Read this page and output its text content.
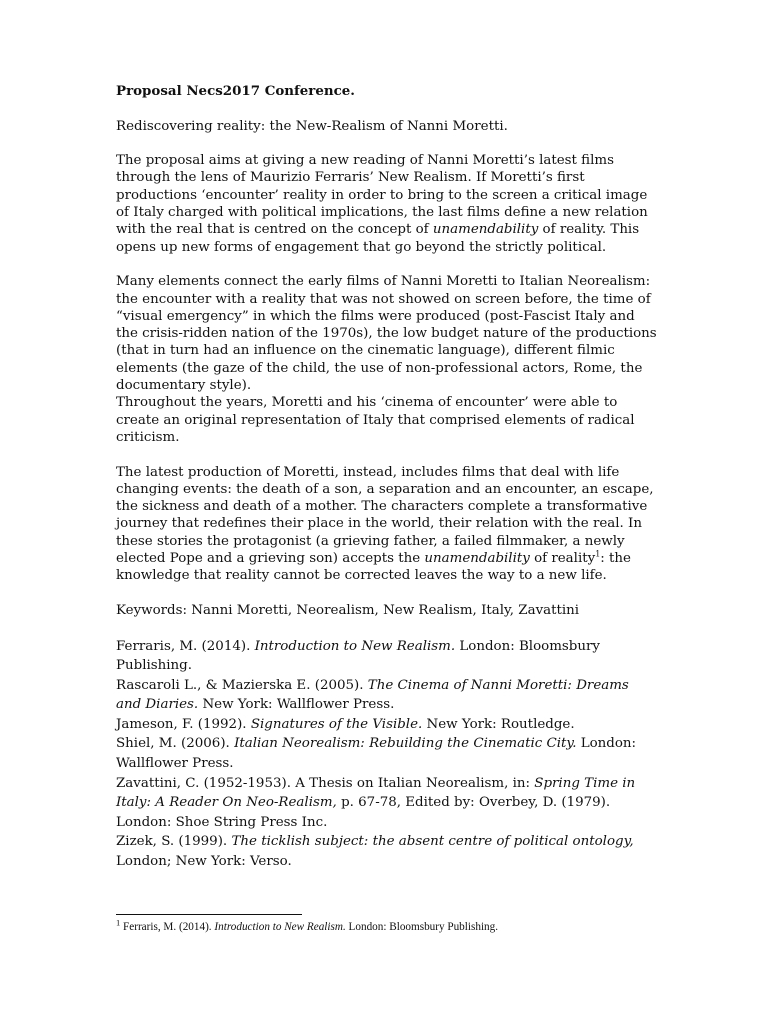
Proposal Necs2017 Conference.

Rediscovering reality: the New-Realism of Nanni Moretti.

The proposal aims at giving a new reading of Nanni Moretti’s latest films through the lens of Maurizio Ferraris’ New Realism. If Moretti’s first productions ‘encounter’ reality in order to bring to the screen a critical image of Italy charged with political implications, the last films define a new relation with the real that is centred on the concept of unamendability of reality. This opens up new forms of engagement that go beyond the strictly political.

Many elements connect the early films of Nanni Moretti to Italian Neorealism: the encounter with a reality that was not showed on screen before, the time of “visual emergency” in which the films were produced (post-Fascist Italy and the crisis-ridden nation of the 1970s), the low budget nature of the productions (that in turn had an influence on the cinematic language), different filmic elements (the gaze of the child, the use of non-professional actors, Rome, the documentary style).

Throughout the years, Moretti and his ‘cinema of encounter’ were able to create an original representation of Italy that comprised elements of radical criticism.

The latest production of Moretti, instead, includes films that deal with life changing events: the death of a son, a separation and an encounter, an escape, the sickness and death of a mother. The characters complete a transformative journey that redefines their place in the world, their relation with the real. In these stories the protagonist (a grieving father, a failed filmmaker, a newly elected Pope and a grieving son) accepts the unamendability of reality$^1$: the knowledge that reality cannot be corrected leaves the way to a new life.

Keywords: Nanni Moretti, Neorealism, New Realism, Italy, Zavattini

Ferraris, M. (2014). Introduction to New Realism. London: Bloomsbury Publishing.

Rascaroli L., & Mazierska E. (2005). The Cinema of Nanni Moretti: Dreams and Diaries. New York: Wallflower Press.

Jameson, F. (1992). Signatures of the Visible. New York: Routledge.

Shiel, M. (2006). Italian Neorealism: Rebuilding the Cinematic City. London: Wallflower Press.

Zavattini, C. (1952-1953). A Thesis on Italian Neorealism, in: Spring Time in Italy: A Reader On Neo-Realism, p. 67-78, Edited by: Overbey, D. (1979). London: Shoe String Press Inc.

Zizek, S. (1999). The ticklish subject: the absent centre of political ontology, London; New York: Verso.

$^1$ Ferraris, M. (2014). Introduction to New Realism. London: Bloomsbury Publishing.
